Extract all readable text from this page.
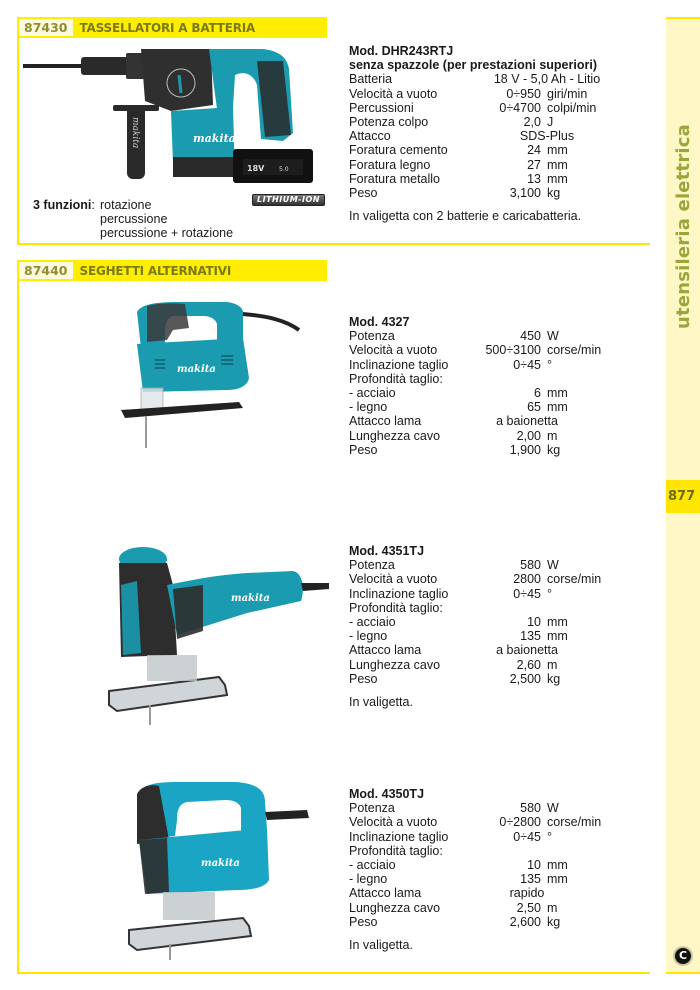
utensileria elettrica
877
C
87430	TASSELLATORI A BATTERIA
makita
18V 5.0
makita
LITHIUM-ION
3 funzioni: rotazione
percussione
percussione + rotazione
Mod. DHR243RTJ
senza spazzole (per prestazioni superiori)
Batteria	18 V - 5,0 Ah - Litio
Velocità a vuoto	0÷950 giri/min
Percussioni	0÷4700 colpi/min
Potenza colpo	2,0 J
Attacco	SDS-Plus
Foratura cemento	24 mm
Foratura legno	27 mm
Foratura metallo	13 mm
Peso	3,100 kg
In valigetta con 2 batterie e caricabatteria.
87440	SEGHETTI ALTERNATIVI
makita
Mod. 4327
Potenza	450 W
Velocità a vuoto	500÷3100 corse/min
Inclinazione taglio	0÷45 °
Profondità taglio:
- acciaio	6 mm
- legno	65 mm
Attacco lama	a baionetta
Lunghezza cavo	2,00 m
Peso	1,900 kg
makita
Mod. 4351TJ
Potenza	580 W
Velocità a vuoto	2800 corse/min
Inclinazione taglio	0÷45 °
Profondità taglio:
- acciaio	10 mm
- legno	135 mm
Attacco lama	a baionetta
Lunghezza cavo	2,60 m
Peso	2,500 kg
In valigetta.
makita
Mod. 4350TJ
Potenza	580 W
Velocità a vuoto	0÷2800 corse/min
Inclinazione taglio	0÷45 °
Profondità taglio:
- acciaio	10 mm
- legno	135 mm
Attacco lama	rapido
Lunghezza cavo	2,50 m
Peso	2,600 kg
In valigetta.
